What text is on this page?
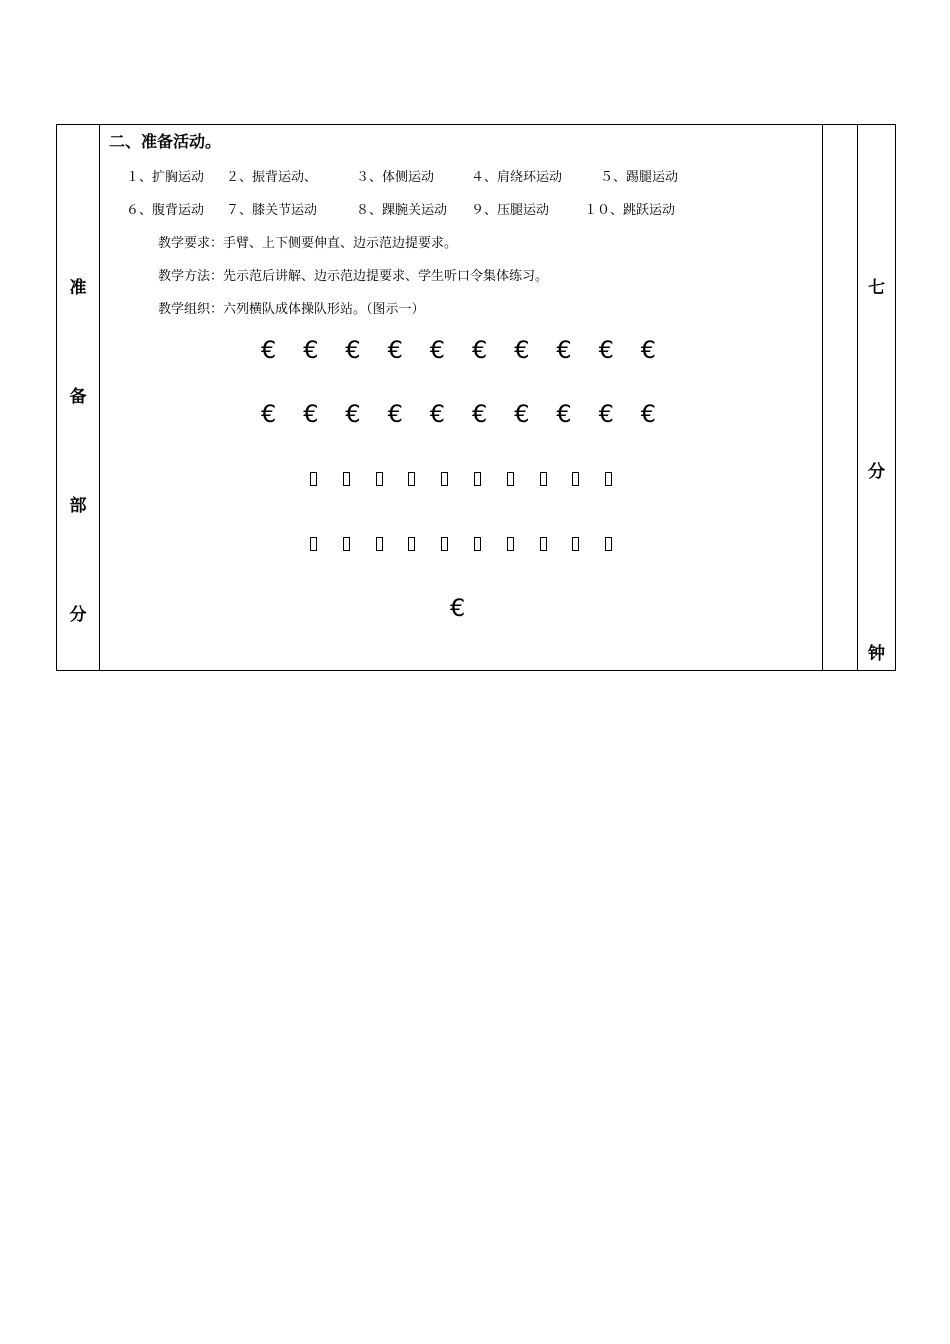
准
备
部
分
二、准备活动。
１、扩胸运动 ２、振背运动、	３、体侧运动	４、肩绕环运动	５、踢腿运动
６、腹背运动 ７、膝关节运动	８、踝腕关运动 ９、压腿运动	１０、跳跃运动
教学要求：手臂、上下侧要伸直、边示范边提要求。
教学方法：先示范后讲解、边示范边提要求、学生听口令集体练习。
教学组织：六列横队成体操队形站。（图示一）
€ € € € € € € € € €
€ € € € € € € € € €
€
七
分
钟
